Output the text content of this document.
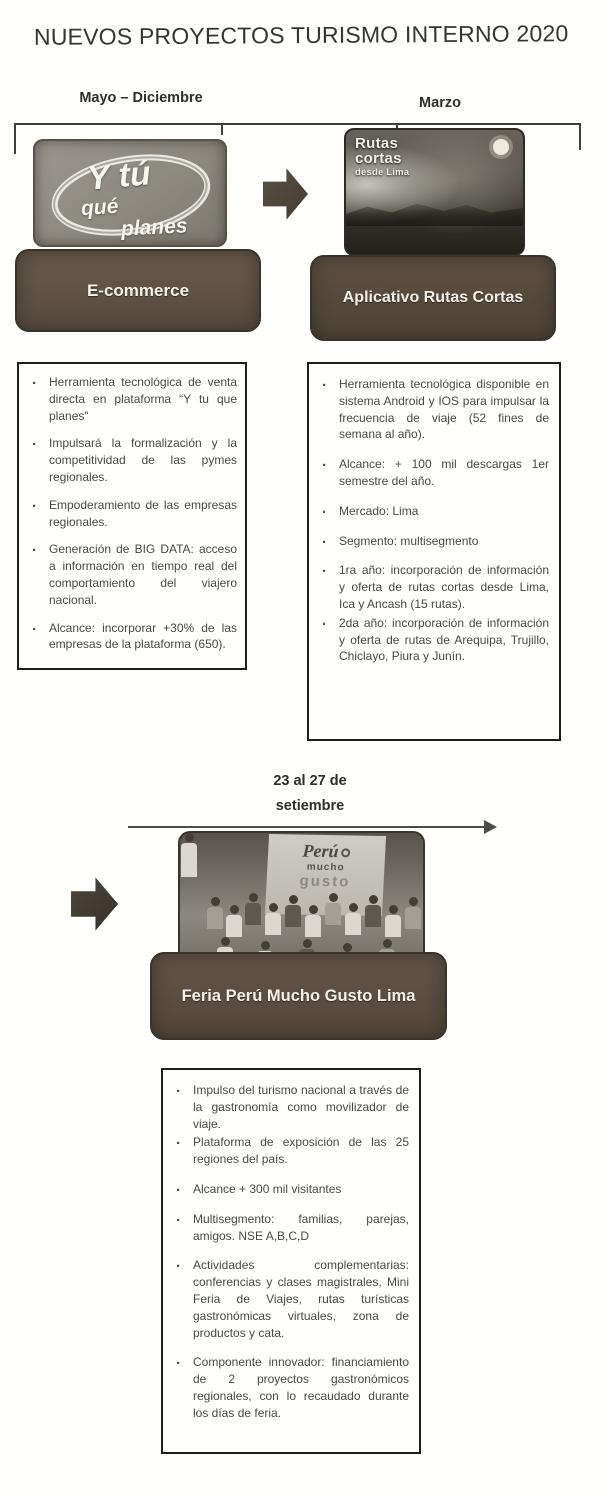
NUEVOS PROYECTOS TURISMO INTERNO 2020
Mayo – Diciembre	Marzo
Y tú
qué
planes
E-commerce
Rutas
cortas
desde Lima
Aplicativo Rutas Cortas
· Herramienta tecnológica de venta directa en plataforma “Y tu que planes”
· Impulsará la formalización y la competitividad de las pymes regionales.
· Empoderamiento de las empresas regionales.
· Generación de BIG DATA: acceso a información en tiempo real del comportamiento del viajero nacional.
· Alcance: incorporar +30% de las empresas de la plataforma (650).
· Herramienta tecnológica disponible en sistema Android y IOS para impulsar la frecuencia de viaje (52 fines de semana al año).
· Alcance: + 100 mil descargas 1er semestre del año.
· Mercado: Lima
· Segmento: multisegmento
· 1ra año: incorporación de información y oferta de rutas cortas desde Lima, Ica y Ancash (15 rutas).
· 2da año: incorporación de información y oferta de rutas de Arequipa, Trujillo, Chiclayo, Piura y Junín.
23 al 27 de
setiembre
Perú
mucho
gusto
Feria Perú Mucho Gusto Lima
· Impulso del turismo nacional a través de la gastronomía como movilizador de viaje.
· Plataforma de exposición de las 25 regiones del país.
· Alcance + 300 mil visitantes
· Multisegmento: familias, parejas, amigos. NSE A,B,C,D
· Actividades complementarias: conferencias y clases magistrales, Mini Feria de Viajes, rutas turísticas gastronómicas virtuales, zona de productos y cata.
· Componente innovador: financiamiento de 2 proyectos gastronómicos regionales, con lo recaudado durante los días de feria.
